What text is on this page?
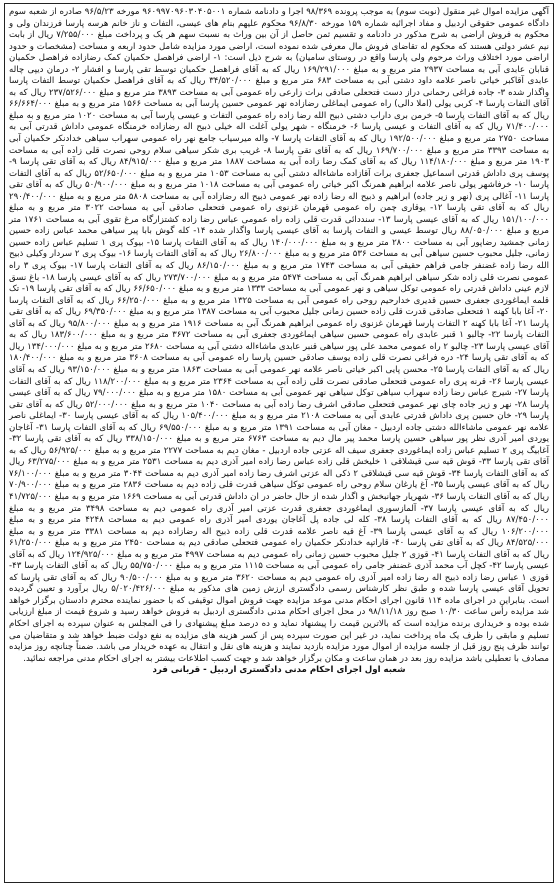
آگهی مزایده اموال غیر منقول (نوبت سوم) به موجب پرونده ۹۸/۳۶۹ اجرا و دادنامه شماره ۹۶۰۹۹۷۰۹۶۰۳۰۴۰۵۰۰۱ مورخه ۹۶/۵/۲۳ صادره از شعبه سوم دادگاه عمومی حقوقی اردبیل و مفاد اجرائیه شماره ۱۵۹ مورخه ۹۶/۸/۳۰ محکوم علیهم بنام های عیسی، التفات و ناز خانم هرسه پارسا فرزندان ولی و محکوم به فروش اراضی به شرح مذکور در دادنامه و تقسیم ثمن حاصل از آن بین وراث به نسبت سهم هر یک و پرداخت مبلغ ۷/۲۵۵/۰۰۰ ریال از بابت نیم عشر دولتی هستند که محکوم له تقاضای فروش مال معرفی شده نموده است، اراضی مورد مزایده شامل حدود اربعه و مساحت (مشخصات و حدود اراضی مورد اختلاف وراث مرحوم ولی پارسا واقع در روستای سامیان) به شرح ذیل است: ۱- اراضی فراهصل حکمیان کمک رضازاده فراهصل حکمیان قنابان عابدی آبی به مساحت ۲۹۳۷ متر مربع و به مبلغ ۱۶۹/۲۹۱/۰۰۰ ریال که به آقای فراهصل حکمیان توسط تقی پارسا و افشار ۲- درمان دیپی چاله عابدی آقاکبر خیاتی ناصر علامه داود دشتی آبی به مساحت ۶۸۳ متر مربع و مبلغ ۳۴/۵۲۰/۰۰۰ ریال که به آقای فراهصل حکمیان توسط التفات پارسا واگذار شده ۳- جاده فراغی رحمانی دراز دست فتحعلی صادقی برات زارعی راه عمومی آبی به مساحت ۳۸۹۳ متر مربع و مبلغ ۲۳۷/۵۲۶/۰۰۰ ریال که به آقای التفات پارسا ۴- کربی یولی (املا دالی) راه عمومی ایماغلی رضازاده نهر عمومی حسین پارسا آبی به مساحت ۱۵۶۶ متر مربع و به مبلغ ۶۶/۶۶۴/۰۰۰ ریال که به آقای التفات پارسا ۵- خرمن بری داراب دشتی ذبیح الله رضا زاده راه عمومی التفات و عیسی پارسا آبی به مساحت ۱۰۲۰ متر مربع و به مبلغ ۷۱/۴۰۰/۰۰۰ ریال که به آقای التفات و عیسی پارسا ۶- خرمنگاه - شهر یولی آغلت اله خیلی ذبیح اله رضازاده خرمنگاه عمومی داداش قدرتی آبی به مساحت ۲۷۵۰ متر مربع و مبلغ ۱۹۲/۵۰۰/۰۰۰ ریال که به آقای التفات پارسا ۷- واله میرسیاب جامع نهر راه عمومی سهراب سیاهی خدادنکر حکمیان آبی به مساحت ۳۳۹۳ متر مربع و مبلغ ۱۶۹/۷۰۰/۰۰۰ ریال که به آقای تقی پارسا ۸- غریب بری شکر سیاهی سلام روحی نصرت قلی زاده آبی به مساحت ۱۹۰۳ متر مربع و مبلغ ۱۱۴/۱۸۰/۰۰۰ ریال که به آقای کمک رضا زاده آبی به مساحت ۱۸۸۷ متر مربع و مبلغ ۸۴/۹۱۵/۰۰۰ ریال که به آقای تقی پارسا ۹- پوسف پری داداش قدرتی اسماعیل جعفری برات آقازاده ماشاءاله دشتی آبی به مساحت ۱۰۵۳ متر مربع و به مبلغ ۵۲/۶۵۰/۰۰۰ ریال که به آقای التفات پارسا ۱۰- خرفاشهر یولی ناصر علامه ابراهیم همرنگ اکبر خیاتی راه عمومی آبی به مساحت ۱۰۱۸ متر مربع و به مبلغ ۵۰/۹۰۰/۰۰۰ ریال که به آقای تقی پارسا ۱۱- آغالی پری (نهر و زیر جاده) ابراهیم و ذبیح اله رضا زاده نهر عمومی ذبیح اله رضازاده آبی به مساحت ۵۸۰۸ متر مربع و به مبلغ ۲۹۰/۴۰۰/۰۰۰ ریال که به آقای تقی پارسا ۱۲- یوقاری چمن راه عمومی قهرمان غزنوی راه عمومی فتحعلی صادقی آبی به مساحت ۳۰۲۲ متر مربع و به مبلغ ۱۵۱/۱۰۰/۰۰۰ ریال که به آقای عیسی پارسا ۱۳- سنددائی قدرت قلی زاده راه عمومی عباس رضا زاده کشتزارگاه مرغ تقوی آبی به مساحت ۱۷۶۱ متر مربع و مبلغ ۸۸/۰۵۰/۰۰۰ ریال توسط عیسی و التفات پارسا به آقای عیسی پارسا واگذار شده ۱۴- کله گوش بابا پیر سیاهی محمد عباس زاده حسین زمانی جمشید رضاپور آبی به مساحت ۲۸۰۰ متر مربع و به مبلغ ۱۴۰/۰۰۰/۰۰۰ ریال که به آقای التفات پارسا ۱۵- بیوک پری ۱ تسلیم عباس زاده حسین زمانی، جلیل محبوب حسین سیاهی آبی به مساحت ۵۳۶ متر مربع و به مبلغ ۲۶/۸۰۰/۰۰۰ ریال که به آقای التفات پارسا ۱۶- بیوک پری ۲ سردار وکیلی ذبیح الله رضا زاده غضنفر جامی فراهم حقیقی آبی به مساحت ۱۷۴۳ متر مربع و به مبلغ ۸۶/۱۵۰/۰۰۰ ریال که به آقای التفات پارسا ۱۷- بیوک پری ۳ راه عمومی نصرت قلی زاده شکر سیاهی ابراهیم همرنگ آبی به مساحت ۵۴۷۴ متر مربع و به مبلغ ۲۷۳/۷۰۰/۰۰۰ ریال که به آقای عیسی پارسا ۱۸- باغ نسق لازم عینی داداش قدرتی راه عمومی توکل سیاهی و نهر عمومی آبی به مساحت ۱۳۳۳ متر مربع و به مبلغ ۶۶/۶۵۰/۰۰۰ ریال که به آقای تقی پارسا ۱۹- تک قلمه ایماغوردی جعفری حسین قدیری خدارحیم روحی راه عمومی آبی به مساحت ۱۳۲۵ متر مربع و به مبلغ ۶۶/۲۵۰/۰۰۰ ریال که به آقای التفات پارسا ۲۰- آغا بابا کهنه ۱ فتحعلی صادقی قدرت قلی زاده حسین زمانی جلیل محبوب آبی به مساحت ۱۳۸۷ متر مربع و به مبلغ ۶۹/۳۵۰/۰۰۰ ریال که به آقای تقی پارسا ۲۱- آغا بابا کهنه ۲ التفات پارسا قهرمان غزنوی راه عمومی ابراهیم همرنگ آبی به مساحت ۱۹۱۶ متر مربع و به مبلغ ۹۵/۸۰۰/۰۰۰ ریال که به آقای التفات پارسا ۲۲- چالبو ۱ قنبر عابدی راه عمومی حسین سیاهی ایماغوردی جعفری آبی به مساحت ۳۶۷۲ متر مربع و به مبلغ ۱۸۳/۶۰۰/۰۰۰ ریال که به آقای عیسی پارسا ۲۳- چالبو ۲ راه عمومی محمد علی پور سیاهی قنبر عابدی ماشاءاله دشتی آبی به مساحت ۲۶۸۰ متر مربع و به مبلغ ۱۳۴/۰۰۰/۰۰۰ ریال که به آقای تقی پارسا ۲۴- دره فراغی نصرت قلی زاده یوسف صادقی حسین پارسا راه عمومی آبی به مساحت ۳۶۰۸ متر مربع و به مبلغ ۱۸۰/۴۰۰/۰۰۰ ریال که به آقای التفات پارسا ۲۵- محسن پایی اکبر خیاتی ناصر علامه نهر عمومی آبی به مساحت ۱۸۶۳ متر مربع و به مبلغ ۹۳/۱۵۰/۰۰۰ ریال که به آقای عیسی پارسا ۲۶- قرنه پری راه عمومی فتحعلی صادقی نصرت قلی زاده آبی به مساحت ۲۳۶۴ متر مربع و به مبلغ ۱۱۸/۲۰۰/۰۰۰ ریال که به آقای التفات پارسا ۲۷- شیرج عباس رضا زاده سهراب سیاهی توکل سیاهی نهر عمومی آبی به مساحت ۱۵۸۰ متر مربع و به مبلغ ۷۹/۰۰۰/۰۰۰ ریال که به آقای عیسی پارسا ۲۸- نهر و زیر جاده چای نهر عمومی فتحعلی صادقی اشرف رضا زاده آبی به مساحت ۱۰۴۰ متر مربع و به مبلغ ۵۲/۰۰۰/۰۰۰ ریال که به آقای تقی پارسا ۲۹- خان حسین پری داداش قدرتی عابدی آبی به مساحت ۲۱۰۸ متر مربع و به مبلغ ۱۰۵/۴۰۰/۰۰۰ ریال که به آقای عیسی پارسا ۳۰- ایماغلی ناصر علامه نهر عمومی ماشاءالله دشتی جاده اردبیل - مغان آبی به مساحت ۱۳۹۱ متر مربع و به مبلغ ۶۹/۵۵۰/۰۰۰ ریال که به آقای التفات پارسا ۳۱- آغاجان یوردی امیر آذری نظر پور سیاهی حسین پارسا محمد پیر مال دیم به مساحت ۶۷۶۳ متر مربع و به مبلغ ۳۳۸/۱۵۰/۰۰۰ ریال که به آقای تقی پارسا ۳۲- آغابیگ پری ۲ تسلیم عباس زاده ایماغوردی جعفری سیف اله عزتی جاده اردبیل - مغان دیم به مساحت ۲۲۷۷ متر مربع و به مبلغ ۵۶/۹۲۵/۰۰۰ ریال که به آقای تقی پارسا ۳۳- قوش قیه سی قیشلاقی ۱ خلیخش قلی زاده عباس رضا زاده امیر آذری دیم به مساحت ۲۵۳۱ متر مربع و به مبلغ ۶۳/۲۷۵/۰۰۰ ریال که به آقای التفات پارسا ۳۴- قوش قیه سی قیشلاقی ۲ ذکی اله عزتی اشرف رضا زاده امیر آذری دیم به مساحت ۳۰۴۴ متر مربع و به مبلغ ۷۶/۱۰۰/۰۰۰ ریال که به آقای عیسی پارسا ۳۵- آغ یارغان سلام روحی راه عمومی توکل سیاهی قدرت قلی زاده دیم به مساحت ۲۸۳۶ متر مربع و به مبلغ ۷۰/۹۰۰/۰۰۰ ریال که به آقای التفات پارسا ۳۶- شهریار جهانبخش و اگذار شده از حال حاضر در ان داداش قدرتی آبی به مساحت ۱۶۶۹ متر مربع و به مبلغ ۴۱/۷۲۵/۰۰۰ ریال که به آقای عیسی پارسا ۳۷- آلمازسوری ایماغوردی جعفری قدرت عزتی امیر آذری راه عمومی دیم به مساحت ۳۴۹۸ متر مربع و به مبلغ ۸۷/۴۵۰/۰۰۰ ریال که به آقای التفات پارسا ۳۸- کله لی جاده پل آغاجان یوردی امیر آذری راه عمومی دیم به مساحت ۴۲۴۸ متر مربع و به مبلغ ۱۰۶/۲۰۰/۰۰۰ ریال که به آقای عیسی پارسا ۳۹- آغ قیه ناصر علامه قدرت قلی زاده ذبیح اله رضازاده دیم به مساحت ۳۳۸۱ متر مربع و به مبلغ ۸۴/۵۲۵/۰۰۰ ریال که به آقای تقی پارسا ۴۰- قاراتپه خدادنکر حکمیان راه عمومی فتحعلی صادقی دیم به مساحت ۲۴۵۰ متر مربع و به مبلغ ۶۱/۲۵۰/۰۰۰ ریال که به آقای التفات پارسا ۴۱- قوزی ۲ جلیل محبوب حسین زمانی راه عمومی دیم به مساحت ۴۹۹۷ متر مربع و به مبلغ ۱۲۴/۹۲۵/۰۰۰ ریال که به آقای عیسی پارسا ۴۲- کچل آب محمد آذری غضنفر جامی راه عمومی آبی به مساحت ۱۱۱۵ متر مربع و به مبلغ ۵۵/۷۵۰/۰۰۰ ریال که به آقای التفات پارسا ۴۳- قوزی ۱ عباس رضا زاده ذبیح اله رضا زاده امیر آذری راه عمومی دیم به مساحت ۳۶۲۰ متر مربع و به مبلغ ۹۰/۵۰۰/۰۰۰ ریال که به آقای تقی پارسا که تحویل آقای عیسی پارسا شده و طبق نظر کارشناس رسمی دادگستری ارزش زمین های مذکور به مبلغ ۵/۰۲۰/۴۲۶/۰۰۰ ریال برآورد و تعیین گردیده است. بنابراین در اجرای ماده ۱۱۴ قانون اجرای احکام مدنی موعد مزایده جهت فروش اموال توقیفی که با حضور نماینده محترم دادستان برگزار خواهد شد مزایده رأس ساعت ۱۰/۳۰ صبح روز ۹۸/۱۱/۱۸ در محل اجرای احکام مدنی دادگستری اردبیل به فروش خواهد رسید و شروع قیمت از مبلغ ارزیابی شده بوده و خریداری برنده مزایده است که بالاترین قیمت را پیشنهاد نماید و ده درصد مبلغ پیشنهادی را فی المجلس به عنوان سپرده به اجرای احکام تسلیم و مابقی را ظرف یک ماه پرداخت نماید، در غیر این صورت سپرده پس از کسر هزینه های مزایده به نفع دولت ضبط خواهد شد و متقاضیان می توانند ظرف پنج روز قبل از جلسه مزایده از اموال مورد مزایده بازدید نمایند و هزینه های نقل و انتقال به عهده خریدار می باشد. ضمناً چنانچه روز مزایده مصادف با تعطیلی باشد مزایده روز بعد در همان ساعت و مکان برگزار خواهد شد و جهت کسب اطلاعات بیشتر به اجرای احکام مدنی مراجعه نمائید.
شعبه اول اجرای احکام مدنی دادگستری اردبیل - قربانی فرد
